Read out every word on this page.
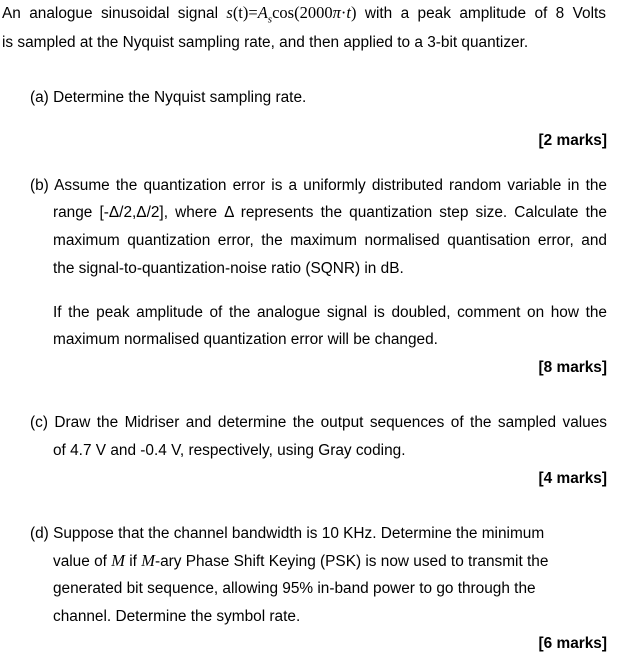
An analogue sinusoidal signal $s(t)=A_s\cos(2000\pi\cdot t)$ with a peak amplitude of 8 Volts
is sampled at the Nyquist sampling rate, and then applied to a 3-bit quantizer.
(a) Determine the Nyquist sampling rate.
[2 marks]
(b) Assume the quantization error is a uniformly distributed random variable in the
range [-Δ/2,Δ/2], where Δ represents the quantization step size. Calculate the
maximum quantization error, the maximum normalised quantisation error, and
the signal-to-quantization-noise ratio (SQNR) in dB.
If the peak amplitude of the analogue signal is doubled, comment on how the
maximum normalised quantization error will be changed.
[8 marks]
(c) Draw the Midriser and determine the output sequences of the sampled values
of 4.7 V and -0.4 V, respectively, using Gray coding.
[4 marks]
(d) Suppose that the channel bandwidth is 10 KHz. Determine the minimum
value of M if M-ary Phase Shift Keying (PSK) is now used to transmit the
generated bit sequence, allowing 95% in-band power to go through the
channel. Determine the symbol rate.
[6 marks]
